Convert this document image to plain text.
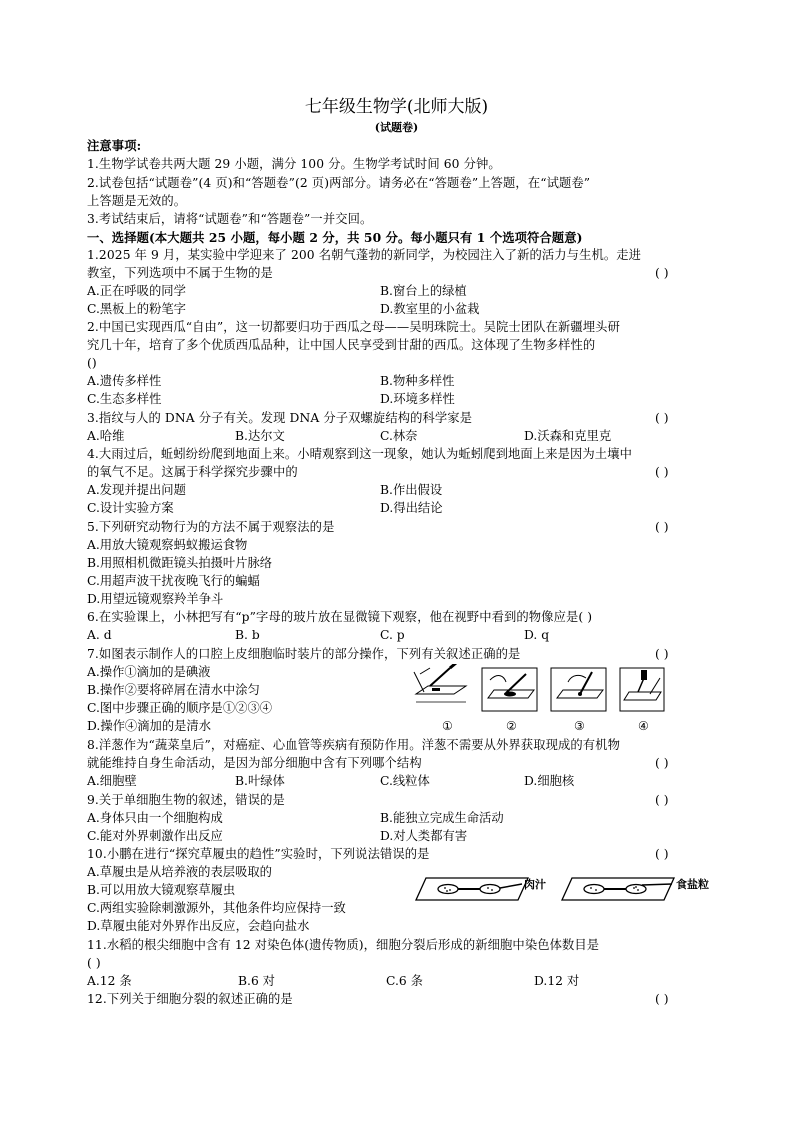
七年级生物学(北师大版)
(试题卷)
注意事项:
1.生物学试卷共两大题 29 小题，满分 100 分。生物学考试时间 60 分钟。
2.试卷包括“试题卷”(4 页)和“答题卷”(2 页)两部分。请务必在“答题卷”上答题，在“试题卷”
上答题是无效的。
3.考试结束后，请将“试题卷”和“答题卷”一并交回。
一、选择题(本大题共 25 小题，每小题 2 分，共 50 分。每小题只有 1 个选项符合题意)
1.2025 年 9 月，某实验中学迎来了 200 名朝气蓬勃的新同学，为校园注入了新的活力与生机。走进
教室，下列选项中不属于生物的是	( )
A.正在呼吸的同学	B.窗台上的绿植
C.黑板上的粉笔字	D.教室里的小盆栽
2.中国已实现西瓜“自由”，这一切都要归功于西瓜之母——吴明珠院士。吴院士团队在新疆埋头研
究几十年，培育了多个优质西瓜品种，让中国人民享受到甘甜的西瓜。这体现了生物多样性的
()
A.遗传多样性	B.物种多样性
C.生态多样性	D.环境多样性
3.指纹与人的 DNA 分子有关。发现 DNA 分子双螺旋结构的科学家是	( )
A.哈维	B.达尔文	C.林奈	D.沃森和克里克
4.大雨过后，蚯蚓纷纷爬到地面上来。小晴观察到这一现象，她认为蚯蚓爬到地面上来是因为土壤中
的氧气不足。这属于科学探究步骤中的	( )
A.发现并提出问题	B.作出假设
C.设计实验方案	D.得出结论
5.下列研究动物行为的方法不属于观察法的是	( )
A.用放大镜观察蚂蚁搬运食物
B.用照相机微距镜头拍摄叶片脉络
C.用超声波干扰夜晚飞行的蝙蝠
D.用望远镜观察羚羊争斗
6.在实验课上，小林把写有“p”字母的玻片放在显微镜下观察，他在视野中看到的物像应是( )
A. d	B. b	C. p	D. q
7.如图表示制作人的口腔上皮细胞临时装片的部分操作，下列有关叙述正确的是	( )
A.操作①滴加的是碘液
B.操作②要将碎屑在清水中涂匀
C.图中步骤正确的顺序是①②③④
D.操作④滴加的是清水	①	②	③	④
8.洋葱作为“蔬菜皇后”，对癌症、心血管等疾病有预防作用。洋葱不需要从外界获取现成的有机物
就能维持自身生命活动，是因为部分细胞中含有下列哪个结构	( )
A.细胞壁	B.叶绿体	C.线粒体	D.细胞核
9.关于单细胞生物的叙述，错误的是	( )
A.身体只由一个细胞构成	B.能独立完成生命活动
C.能对外界刺激作出反应	D.对人类都有害
10.小鹏在进行“探究草履虫的趋性”实验时，下列说法错误的是	( )
A.草履虫是从培养液的表层吸取的
B.可以用放大镜观察草履虫
C.两组实验除刺激源外，其他条件均应保持一致
D.草履虫能对外界作出反应，会趋向盐水
肉汁	食盐粒
11.水稻的根尖细胞中含有 12 对染色体(遗传物质)，细胞分裂后形成的新细胞中染色体数目是
( )
A.12 条	B.6 对	C.6 条	D.12 对
12.下列关于细胞分裂的叙述正确的是	( )
